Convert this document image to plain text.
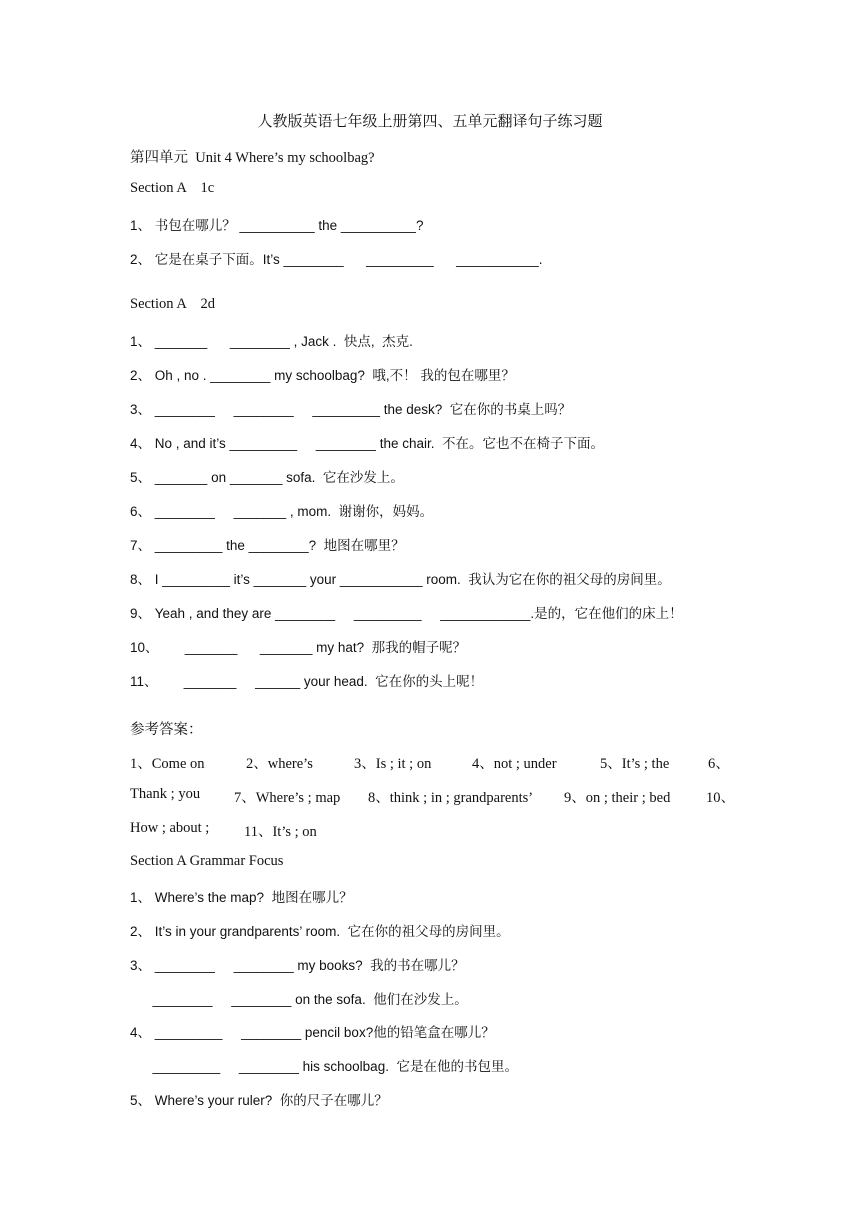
人教版英语七年级上册第四、五单元翻译句子练习题
第四单元  Unit 4 Where’s my schoolbag?
Section A    1c
1、 书包在哪儿？ __________ the __________?
2、 它是在桌子下面。It’s ________      _________      ___________.
Section A    2d
1、 _______      ________ , Jack .  快点,  杰克.
2、 Oh , no . ________ my schoolbag?  哦,不！ 我的包在哪里？
3、 ________     ________     _________ the desk?  它在你的书桌上吗？
4、 No , and it’s _________     ________ the chair.  不在。它也不在椅子下面。
5、 _______ on _______ sofa.  它在沙发上。
6、 ________     _______ , mom.  谢谢你，妈妈。
7、 _________ the ________?  地图在哪里？
8、 I _________ it’s _______ your ___________ room.  我认为它在你的祖父母的房间里。
9、 Yeah , and they are ________     _________     ____________.是的，它在他们的床上！
10、       _______      _______ my hat?  那我的帽子呢？
11、       _______     ______ your head.  它在你的头上呢！
参考答案：
1、Come on	2、where’s	3、Is ; it ; on	4、not ; under	5、It’s ; the	6、
Thank ; you 7、Where’s ; map 8、think ; in ; grandparents’ 9、on ; their ; bed 10、
How ; about ; 11、It’s ; on
Section A Grammar Focus
1、 Where’s the map?  地图在哪儿？
2、 It’s in your grandparents’ room.  它在你的祖父母的房间里。
3、 ________     ________ my books?  我的书在哪儿？
________     ________ on the sofa.  他们在沙发上。
4、 _________     ________ pencil box?他的铅笔盒在哪儿？
_________     ________ his schoolbag.  它是在他的书包里。
5、 Where’s your ruler?  你的尺子在哪儿？
